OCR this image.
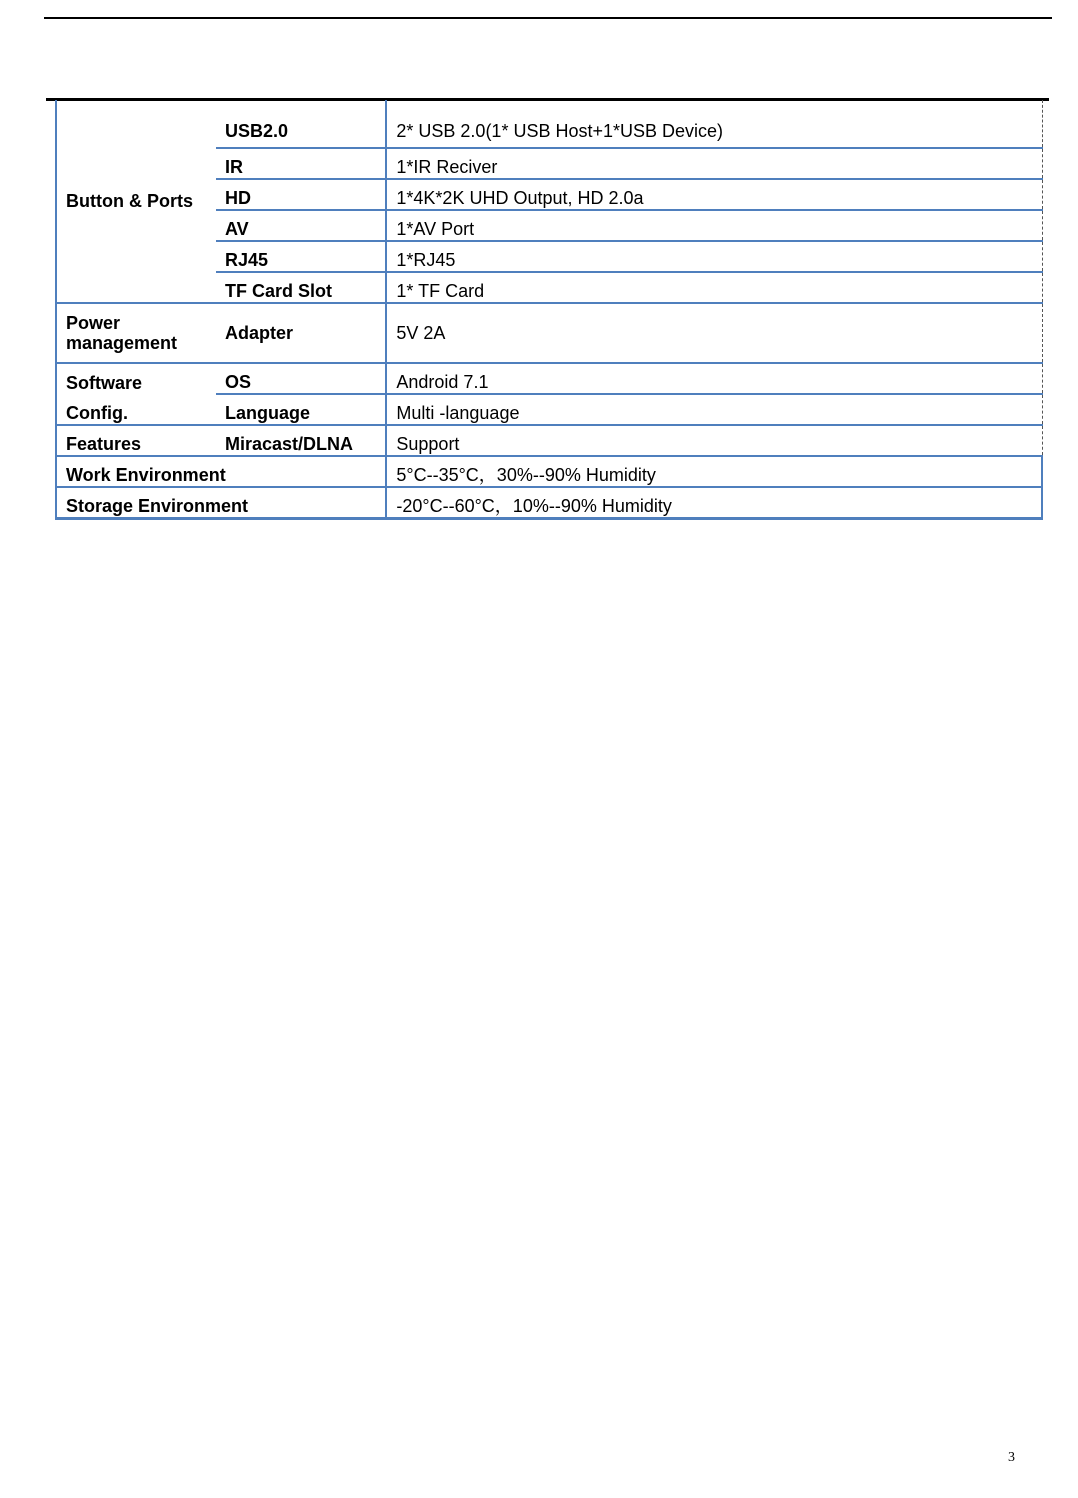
Button & Ports	USB2.0	2* USB 2.0(1* USB Host+1*USB Device)
	IR	1*IR Reciver
	HD	1*4K*2K UHD Output, HD 2.0a
	AV	1*AV Port
	RJ45	1*RJ45
	TF Card Slot	1* TF Card

Power
management	Adapter	5V 2A
Software	OS	Android 7.1
Config.	Language	Multi -language
Features	Miracast/DLNA	Support
Work Environment		5°C--35°C，30%--90% Humidity
Storage Environment		-20°C--60°C，10%--90% Humidity
3
